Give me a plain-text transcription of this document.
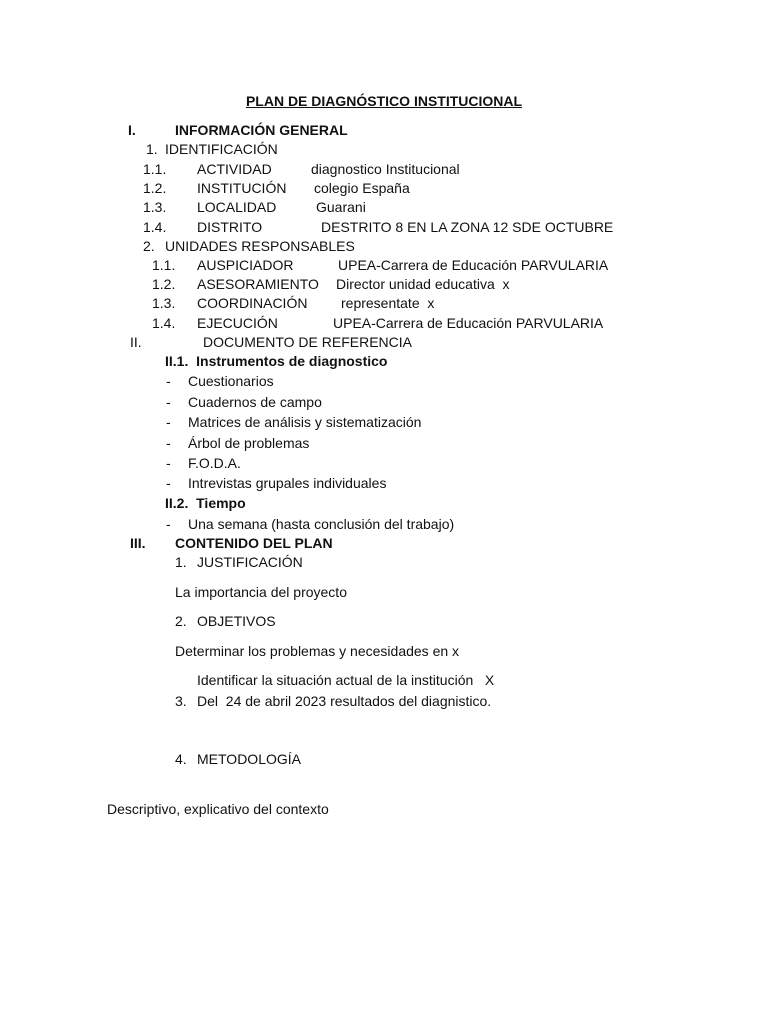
PLAN DE DIAGNÓSTICO INSTITUCIONAL
I.	INFORMACIÓN GENERAL
1. IDENTIFICACIÓN
1.1. ACTIVIDAD	diagnostico Institucional
1.2. INSTITUCIÓN colegio España
1.3. LOCALIDAD	Guarani
1.4. DISTRITO	DESTRITO 8 EN LA ZONA 12 SDE OCTUBRE
2. UNIDADES RESPONSABLES
1.1. AUSPICIADOR	UPEA-Carrera de Educación PARVULARIA
1.2. ASESORAMIENTO Director unidad educativa  x
1.3. COORDINACIÓN representate  x
1.4. EJECUCIÓN	UPEA-Carrera de Educación PARVULARIA
II.	DOCUMENTO DE REFERENCIA
II.1.  Instrumentos de diagnostico
- Cuestionarios
- Cuadernos de campo
- Matrices de análisis y sistematización
- Árbol de problemas
- F.O.D.A.
- Intrevistas grupales individuales
II.2.  Tiempo
- Una semana (hasta conclusión del trabajo)
III. CONTENIDO DEL PLAN
1. JUSTIFICACIÓN
La importancia del proyecto
2. OBJETIVOS
Determinar los problemas y necesidades en x
Identificar la situación actual de la institución   X
3. Del  24 de abril 2023 resultados del diagnistico.
4. METODOLOGÍA
Descriptivo, explicativo del contexto
